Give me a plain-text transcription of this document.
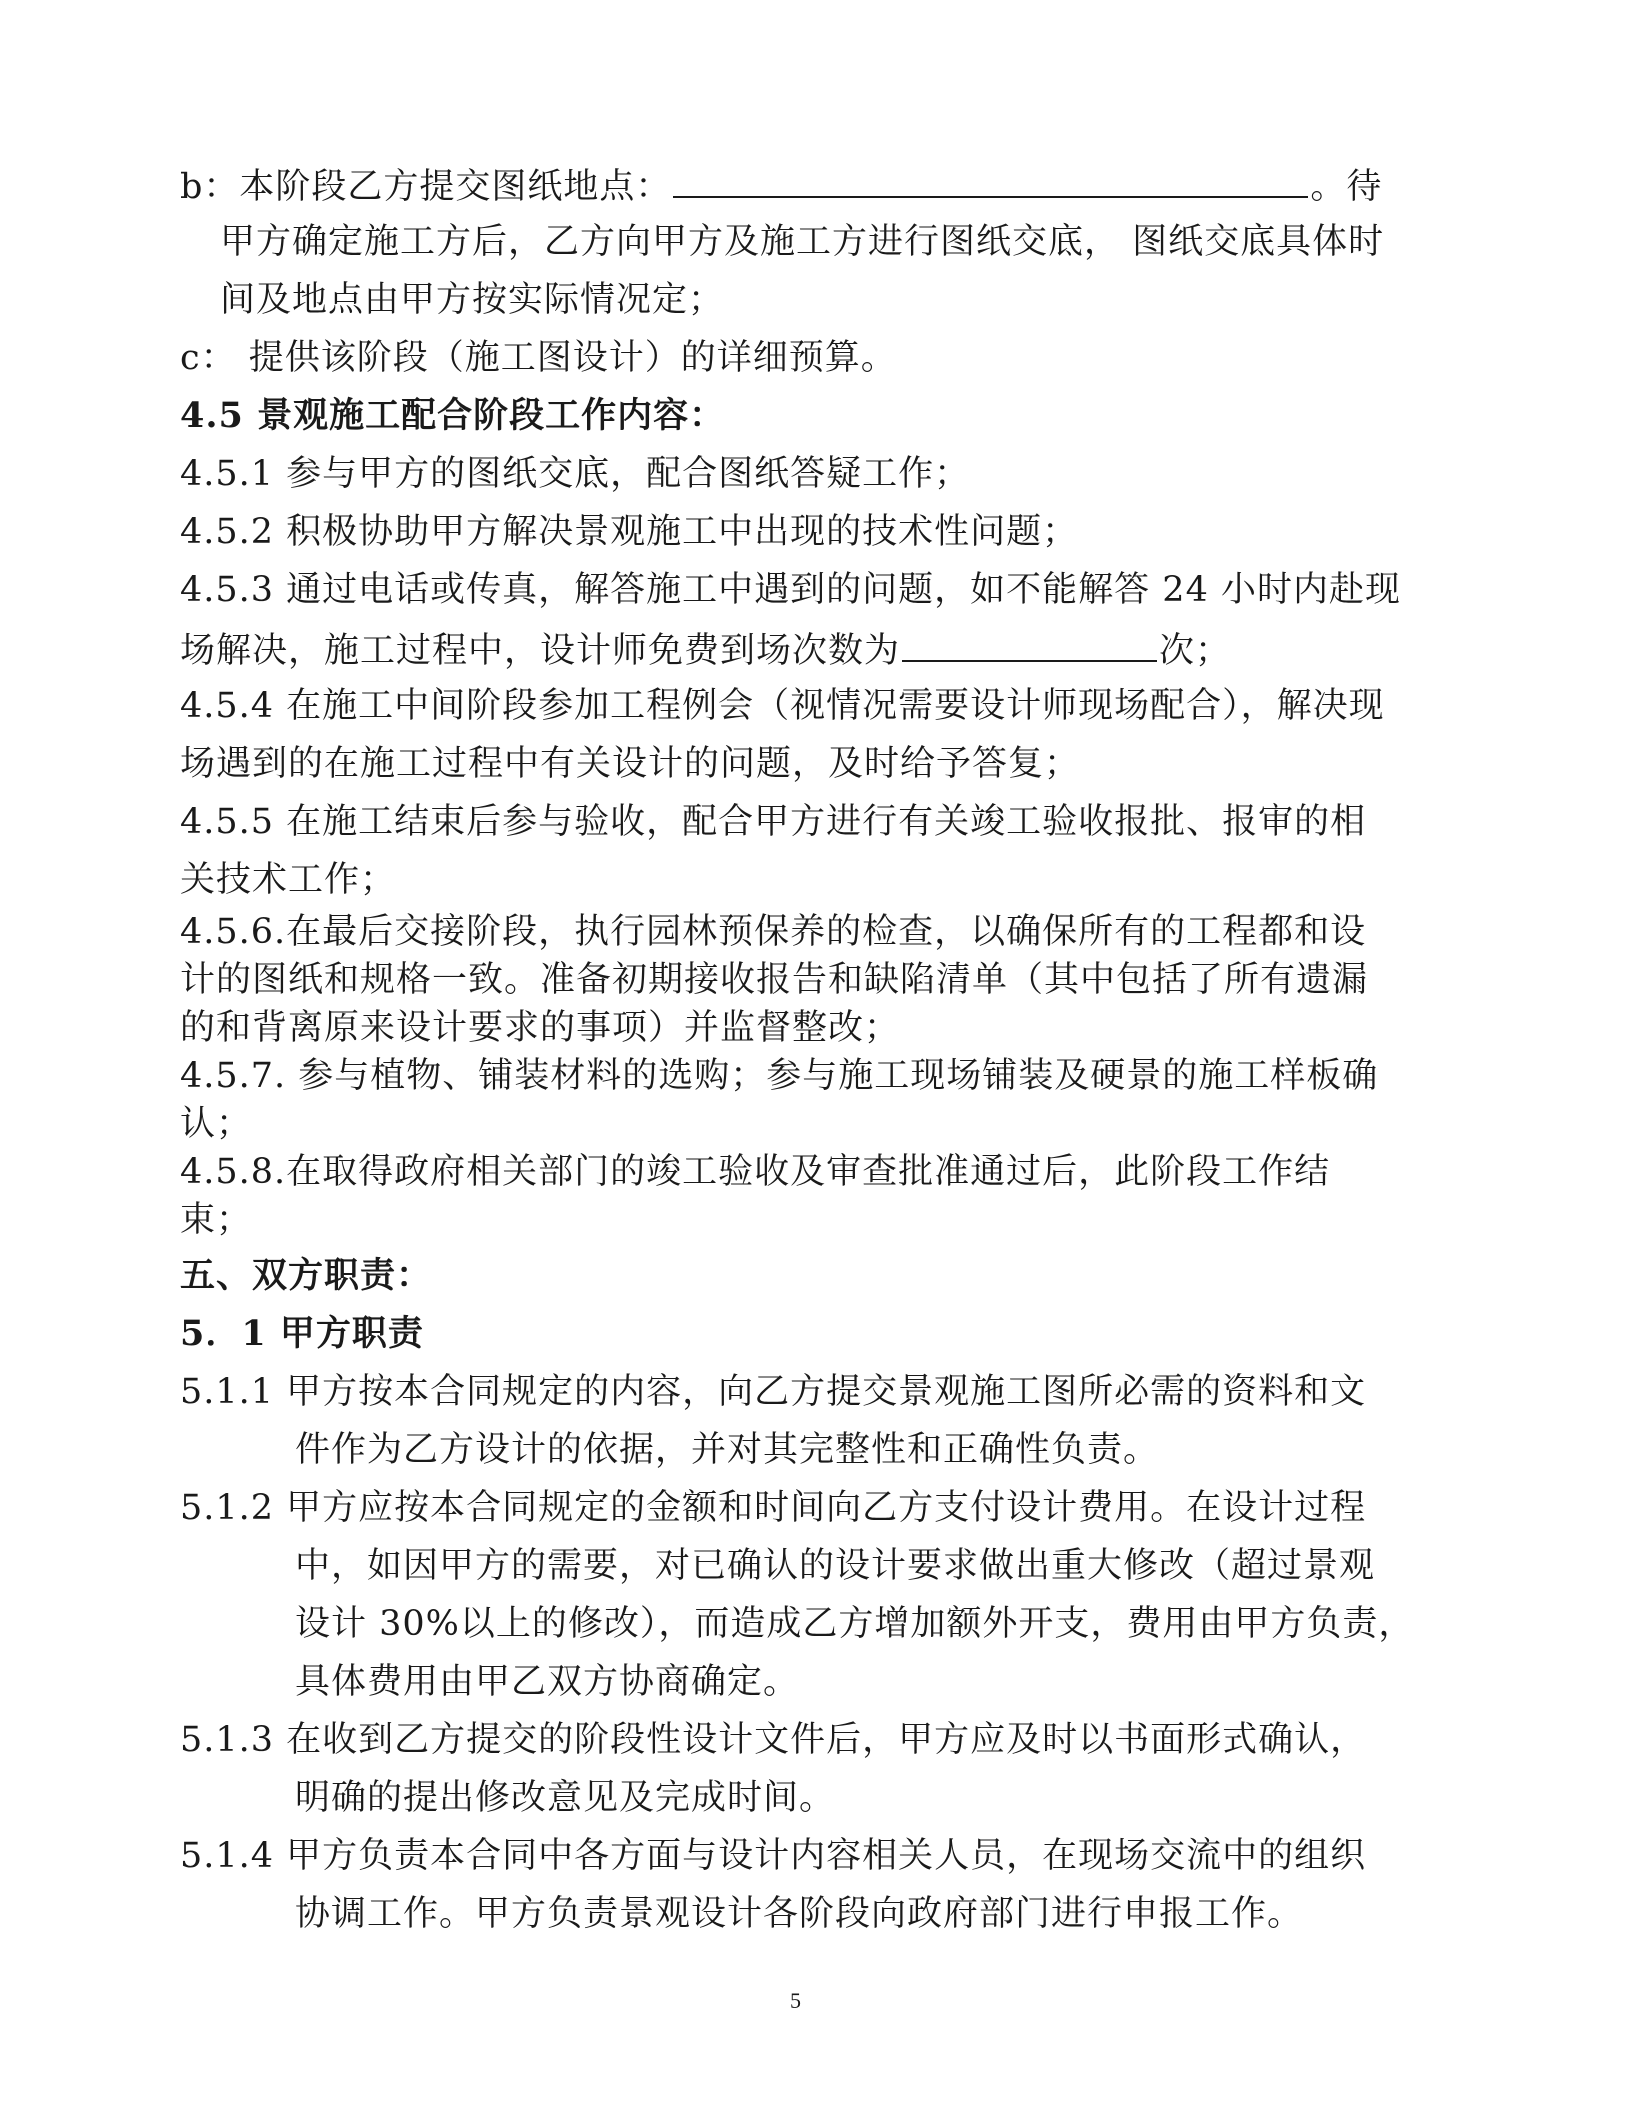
b：本阶段乙方提交图纸地点：	。待
甲方确定施工方后，乙方向甲方及施工方进行图纸交底， 图纸交底具体时
间及地点由甲方按实际情况定；
c： 提供该阶段（施工图设计）的详细预算。
4.5 景观施工配合阶段工作内容：
4.5.1 参与甲方的图纸交底，配合图纸答疑工作；
4.5.2 积极协助甲方解决景观施工中出现的技术性问题；
4.5.3 通过电话或传真，解答施工中遇到的问题，如不能解答 24 小时内赴现
场解决，施工过程中，设计师免费到场次数为	次；
4.5.4 在施工中间阶段参加工程例会（视情况需要设计师现场配合），解决现
场遇到的在施工过程中有关设计的问题，及时给予答复；
4.5.5 在施工结束后参与验收，配合甲方进行有关竣工验收报批、报审的相
关技术工作；
4.5.6.在最后交接阶段，执行园林预保养的检查，以确保所有的工程都和设
计的图纸和规格一致。准备初期接收报告和缺陷清单（其中包括了所有遗漏
的和背离原来设计要求的事项）并监督整改；
4.5.7. 参与植物、铺装材料的选购；参与施工现场铺装及硬景的施工样板确
认；
4.5.8.在取得政府相关部门的竣工验收及审查批准通过后，此阶段工作结
束；
五、双方职责：
5．1 甲方职责
5.1.1 甲方按本合同规定的内容，向乙方提交景观施工图所必需的资料和文
件作为乙方设计的依据，并对其完整性和正确性负责。
5.1.2 甲方应按本合同规定的金额和时间向乙方支付设计费用。在设计过程
中，如因甲方的需要，对已确认的设计要求做出重大修改（超过景观
设计 30%以上的修改），而造成乙方增加额外开支，费用由甲方负责，
具体费用由甲乙双方协商确定。
5.1.3 在收到乙方提交的阶段性设计文件后，甲方应及时以书面形式确认，
明确的提出修改意见及完成时间。
5.1.4 甲方负责本合同中各方面与设计内容相关人员，在现场交流中的组织
协调工作。甲方负责景观设计各阶段向政府部门进行申报工作。
5
